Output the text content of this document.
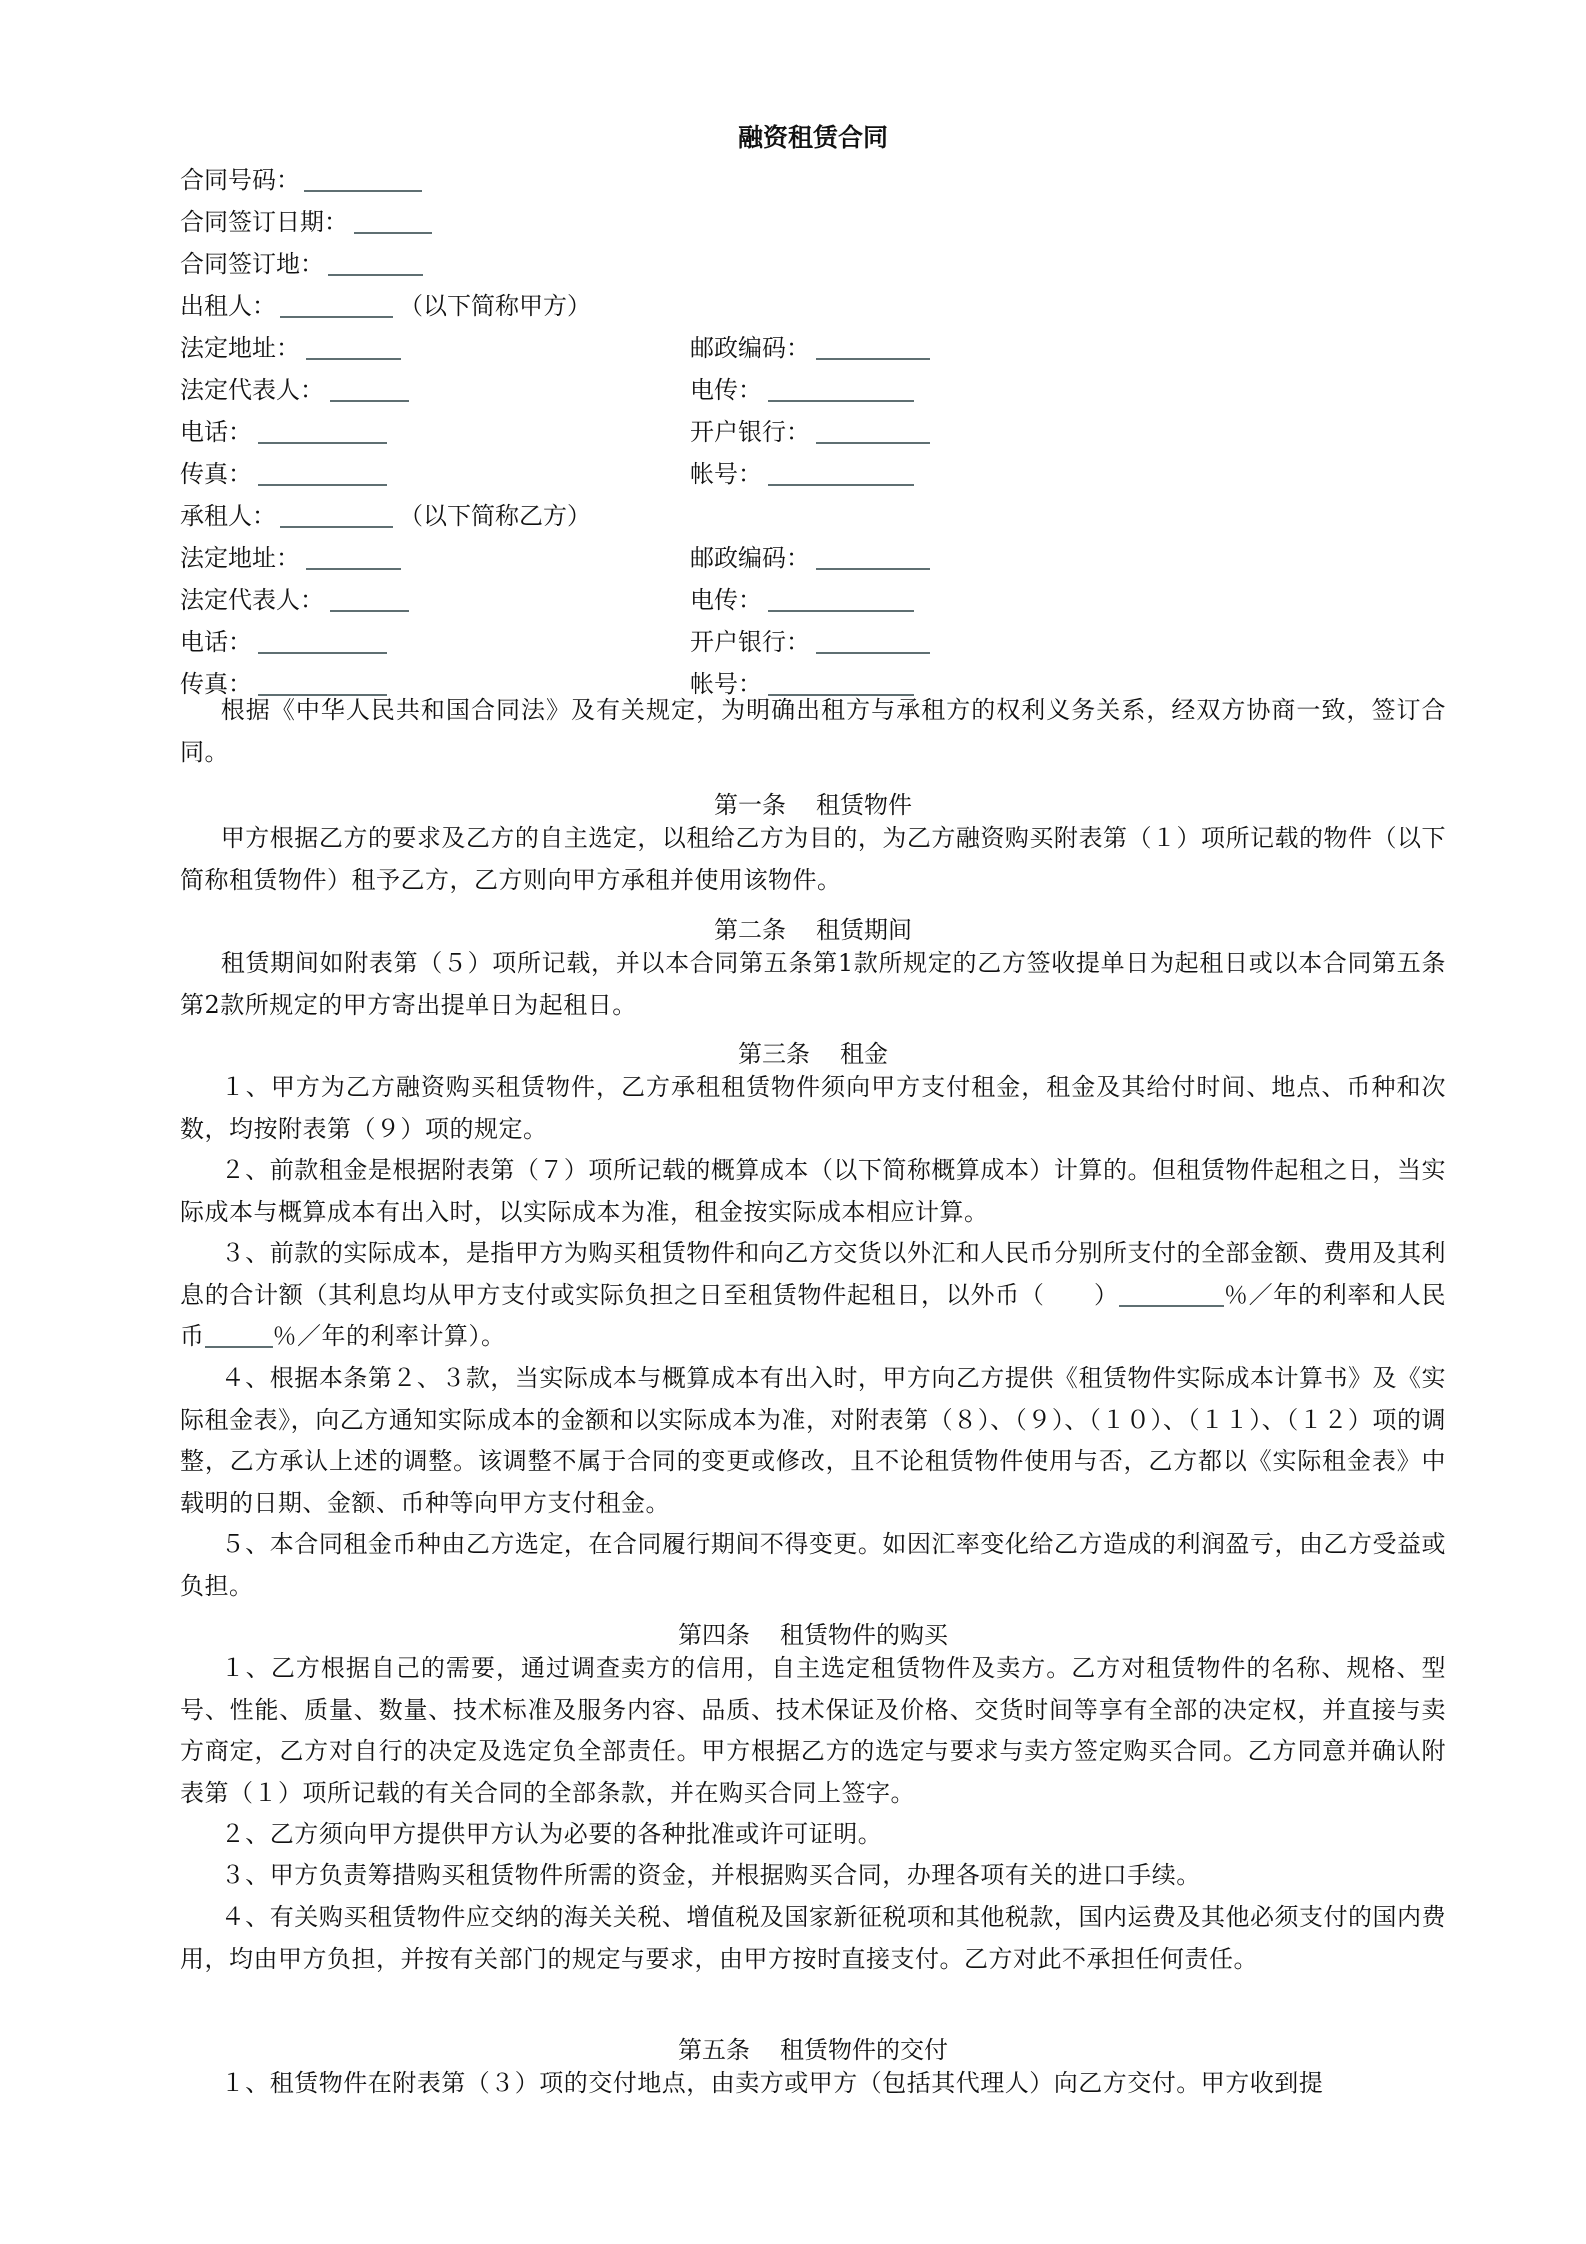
融资租赁合同
合同号码：
合同签订日期：
合同签订地：
出租人：	（以下简称甲方）
法定地址：	邮政编码：
法定代表人：	电传：
电话：	开户银行：
传真：	帐号：
承租人：	（以下简称乙方）
法定地址：	邮政编码：
法定代表人：	电传：
电话：	开户银行：
传真：	帐号：

根据《中华人民共和国合同法》及有关规定，为明确出租方与承租方的权利义务关系，经双方协商一致，签订合同。

第一条 租赁物件

甲方根据乙方的要求及乙方的自主选定，以租给乙方为目的，为乙方融资购买附表第（１）项所记载的物件（以下简称租赁物件）租予乙方，乙方则向甲方承租并使用该物件。

第二条 租赁期间

租赁期间如附表第（５）项所记载，并以本合同第五条第1款所规定的乙方签收提单日为起租日或以本合同第五条第2款所规定的甲方寄出提单日为起租日。

第三条 租金

１、甲方为乙方融资购买租赁物件，乙方承租租赁物件须向甲方支付租金，租金及其给付时间、地点、币种和次数，均按附表第（９）项的规定。

２、前款租金是根据附表第（７）项所记载的概算成本（以下简称概算成本）计算的。但租赁物件起租之日，当实际成本与概算成本有出入时，以实际成本为准，租金按实际成本相应计算。

３、前款的实际成本，是指甲方为购买租赁物件和向乙方交货以外汇和人民币分别所支付的全部金额、费用及其利息的合计额（其利息均从甲方支付或实际负担之日至租赁物件起租日，以外币（　　）	％／年的利率和人民币	％／年的利率计算）。

４、根据本条第２、３款，当实际成本与概算成本有出入时，甲方向乙方提供《租赁物件实际成本计算书》及《实际租金表》，向乙方通知实际成本的金额和以实际成本为准，对附表第（８）、（９）、（１０）、（１１）、（１２）项的调整，乙方承认上述的调整。该调整不属于合同的变更或修改，且不论租赁物件使用与否，乙方都以《实际租金表》中载明的日期、金额、币种等向甲方支付租金。

５、本合同租金币种由乙方选定，在合同履行期间不得变更。如因汇率变化给乙方造成的利润盈亏，由乙方受益或负担。

第四条 租赁物件的购买

１、乙方根据自己的需要，通过调查卖方的信用，自主选定租赁物件及卖方。乙方对租赁物件的名称、规格、型号、性能、质量、数量、技术标准及服务内容、品质、技术保证及价格、交货时间等享有全部的决定权，并直接与卖方商定，乙方对自行的决定及选定负全部责任。甲方根据乙方的选定与要求与卖方签定购买合同。乙方同意并确认附表第（１）项所记载的有关合同的全部条款，并在购买合同上签字。

２、乙方须向甲方提供甲方认为必要的各种批准或许可证明。

３、甲方负责筹措购买租赁物件所需的资金，并根据购买合同，办理各项有关的进口手续。

４、有关购买租赁物件应交纳的海关关税、增值税及国家新征税项和其他税款，国内运费及其他必须支付的国内费用，均由甲方负担，并按有关部门的规定与要求，由甲方按时直接支付。乙方对此不承担任何责任。

第五条 租赁物件的交付

１、租赁物件在附表第（３）项的交付地点，由卖方或甲方（包括其代理人）向乙方交付。甲方收到提
